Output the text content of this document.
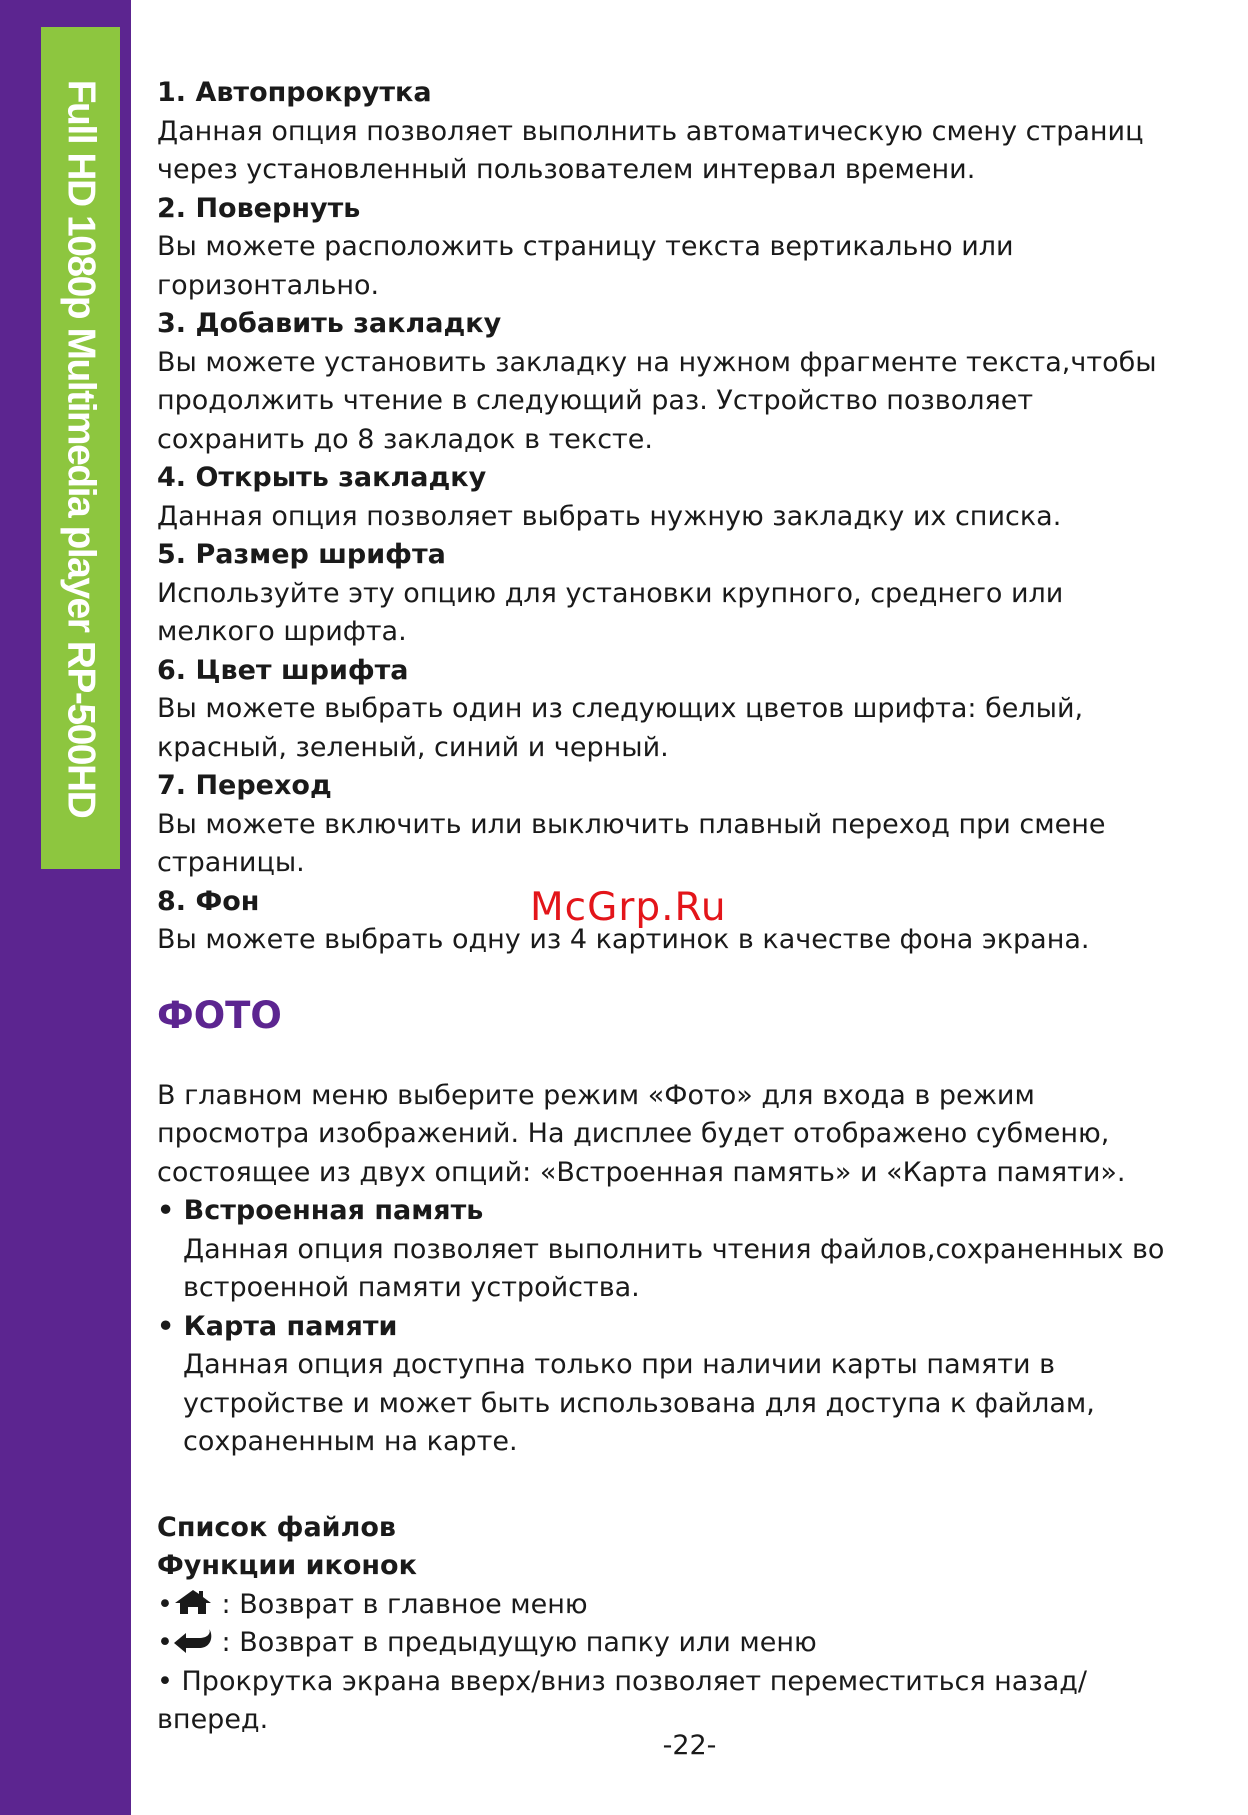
Full HD 1080p Multimedia player RP-500HD 1. Автопрокрутка

Данная опция позволяет выполнить автоматическую смену страниц через установленный пользователем интервал времени.

2. Повернуть

Вы можете расположить страницу текста вертикально или горизонтально.

3. Добавить закладку

Вы можете установить закладку на нужном фрагменте текста,чтобы продолжить чтение в следующий раз. Устройство позволяет сохранить до 8 закладок в тексте.

4. Открыть закладку

Данная опция позволяет выбрать нужную закладку их списка.

5. Размер шрифта

Используйте эту опцию для установки крупного, среднего или мелкого шрифта.

6. Цвет шрифта

Вы можете выбрать один из следующих цветов шрифта: белый, красный, зеленый, синий и черный.

7. Переход

Вы можете включить или выключить плавный переход при смене страницы.

8. Фон

Вы можете выбрать одну из 4 картинок в качестве фона экрана.

ФОТО

В главном меню выберите режим «Фото» для входа в режим просмотра изображений. На дисплее будет отображено субменю, состоящее из двух опций: «Встроенная память» и «Карта памяти».

• Встроенная память

Данная опция позволяет выполнить чтения файлов,сохраненных во встроенной памяти устройства.

• Карта памяти

Данная опция доступна только при наличии карты памяти в устройстве и может быть использована для доступа к файлам, сохраненным на карте.

Список файлов

Функции иконок

• : Возврат в главное меню

• : Возврат в предыдущую папку или меню

• Прокрутка экрана вверх/вниз позволяет переместиться назад/ вперед.

McGrp.Ru
-22-
